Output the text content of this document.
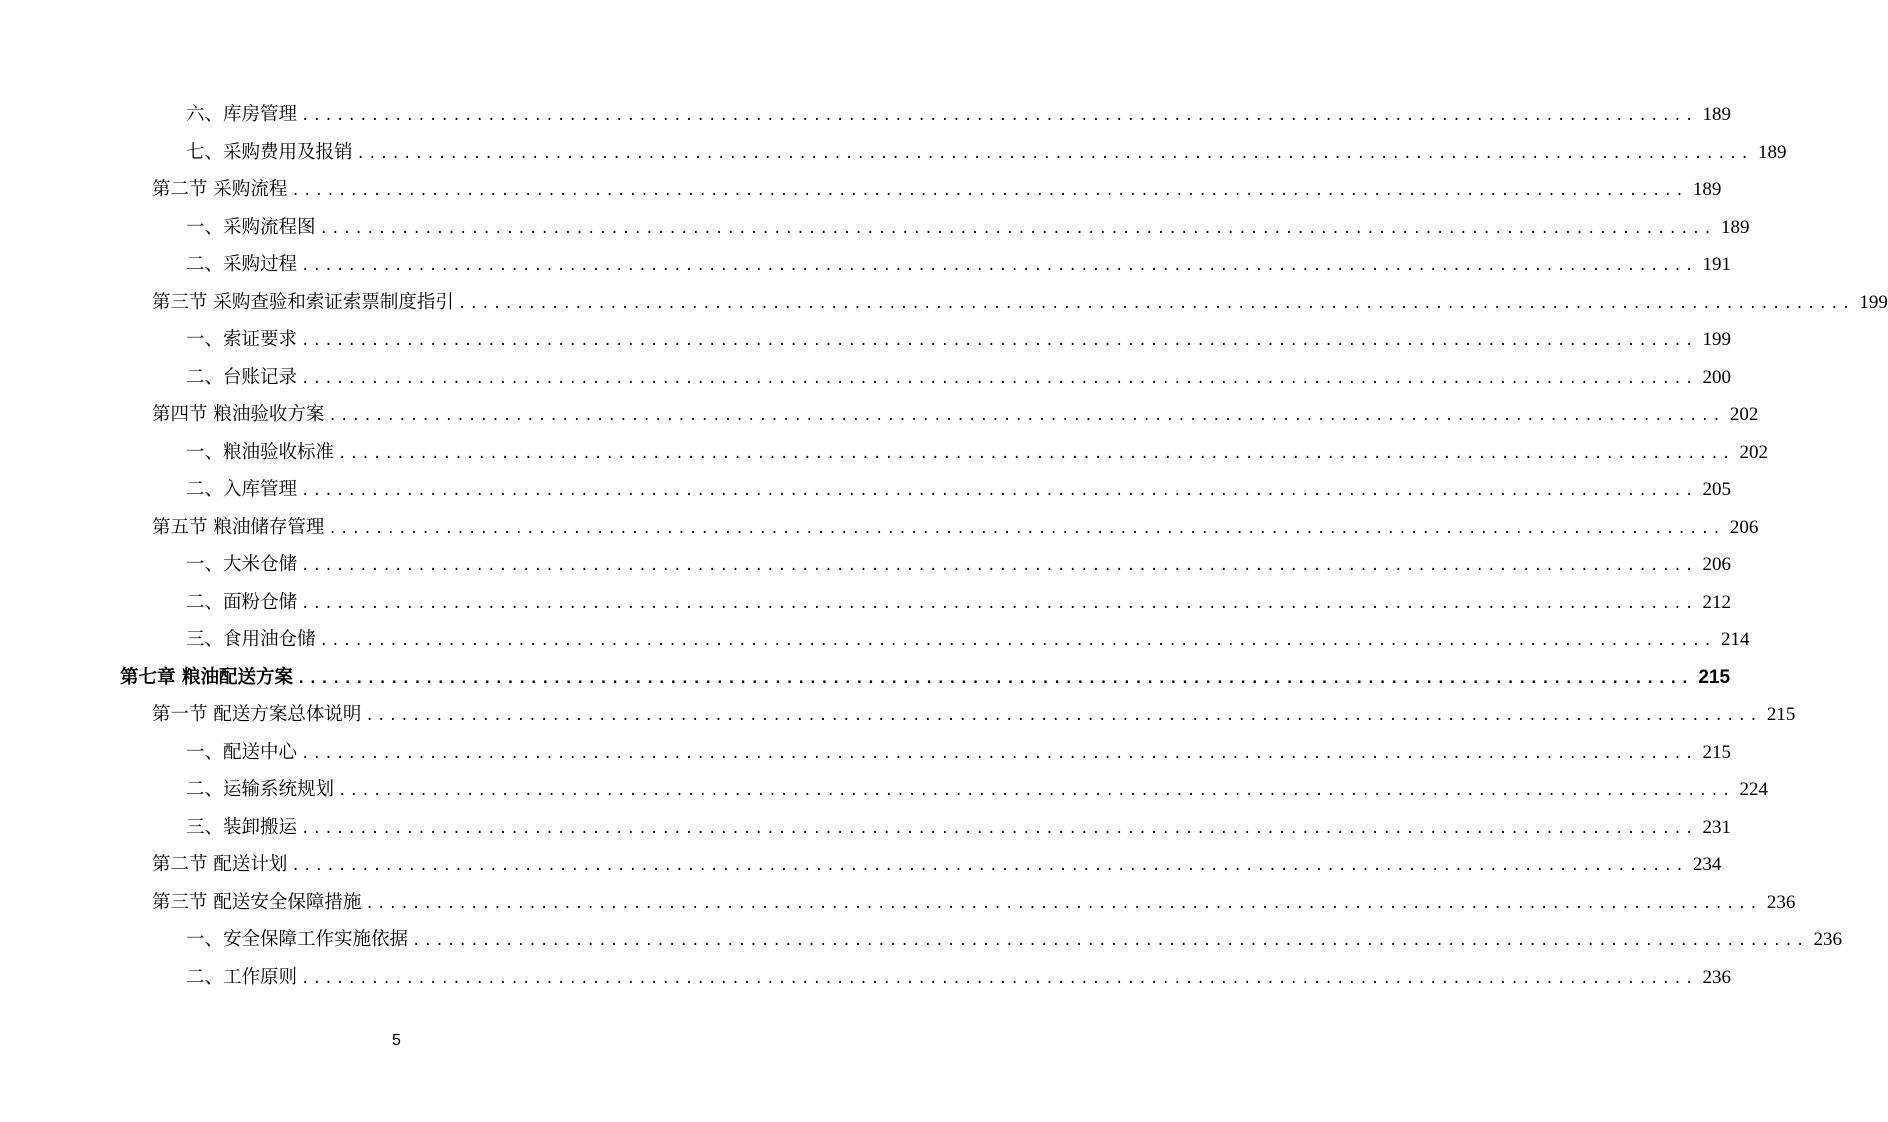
六、库房管理 ........................................................................................................................ 189
七、采购费用及报销 ........................................................................................................................ 189
第二节 采购流程 ........................................................................................................................ 189
一、采购流程图 ........................................................................................................................ 189
二、采购过程 ........................................................................................................................ 191
第三节 采购查验和索证索票制度指引 ........................................................................................................................ 199
一、索证要求 ........................................................................................................................ 199
二、台账记录 ........................................................................................................................ 200
第四节 粮油验收方案 ........................................................................................................................ 202
一、粮油验收标准 ........................................................................................................................ 202
二、入库管理 ........................................................................................................................ 205
第五节 粮油储存管理 ........................................................................................................................ 206
一、大米仓储 ........................................................................................................................ 206
二、面粉仓储 ........................................................................................................................ 212
三、食用油仓储 ........................................................................................................................ 214
第七章 粮油配送方案 ........................................................................................................................ 215
第一节 配送方案总体说明 ........................................................................................................................ 215
一、配送中心 ........................................................................................................................ 215
二、运输系统规划 ........................................................................................................................ 224
三、装卸搬运 ........................................................................................................................ 231
第二节 配送计划 ........................................................................................................................ 234
第三节 配送安全保障措施 ........................................................................................................................ 236
一、安全保障工作实施依据 ........................................................................................................................ 236
二、工作原则 ........................................................................................................................ 236
5
